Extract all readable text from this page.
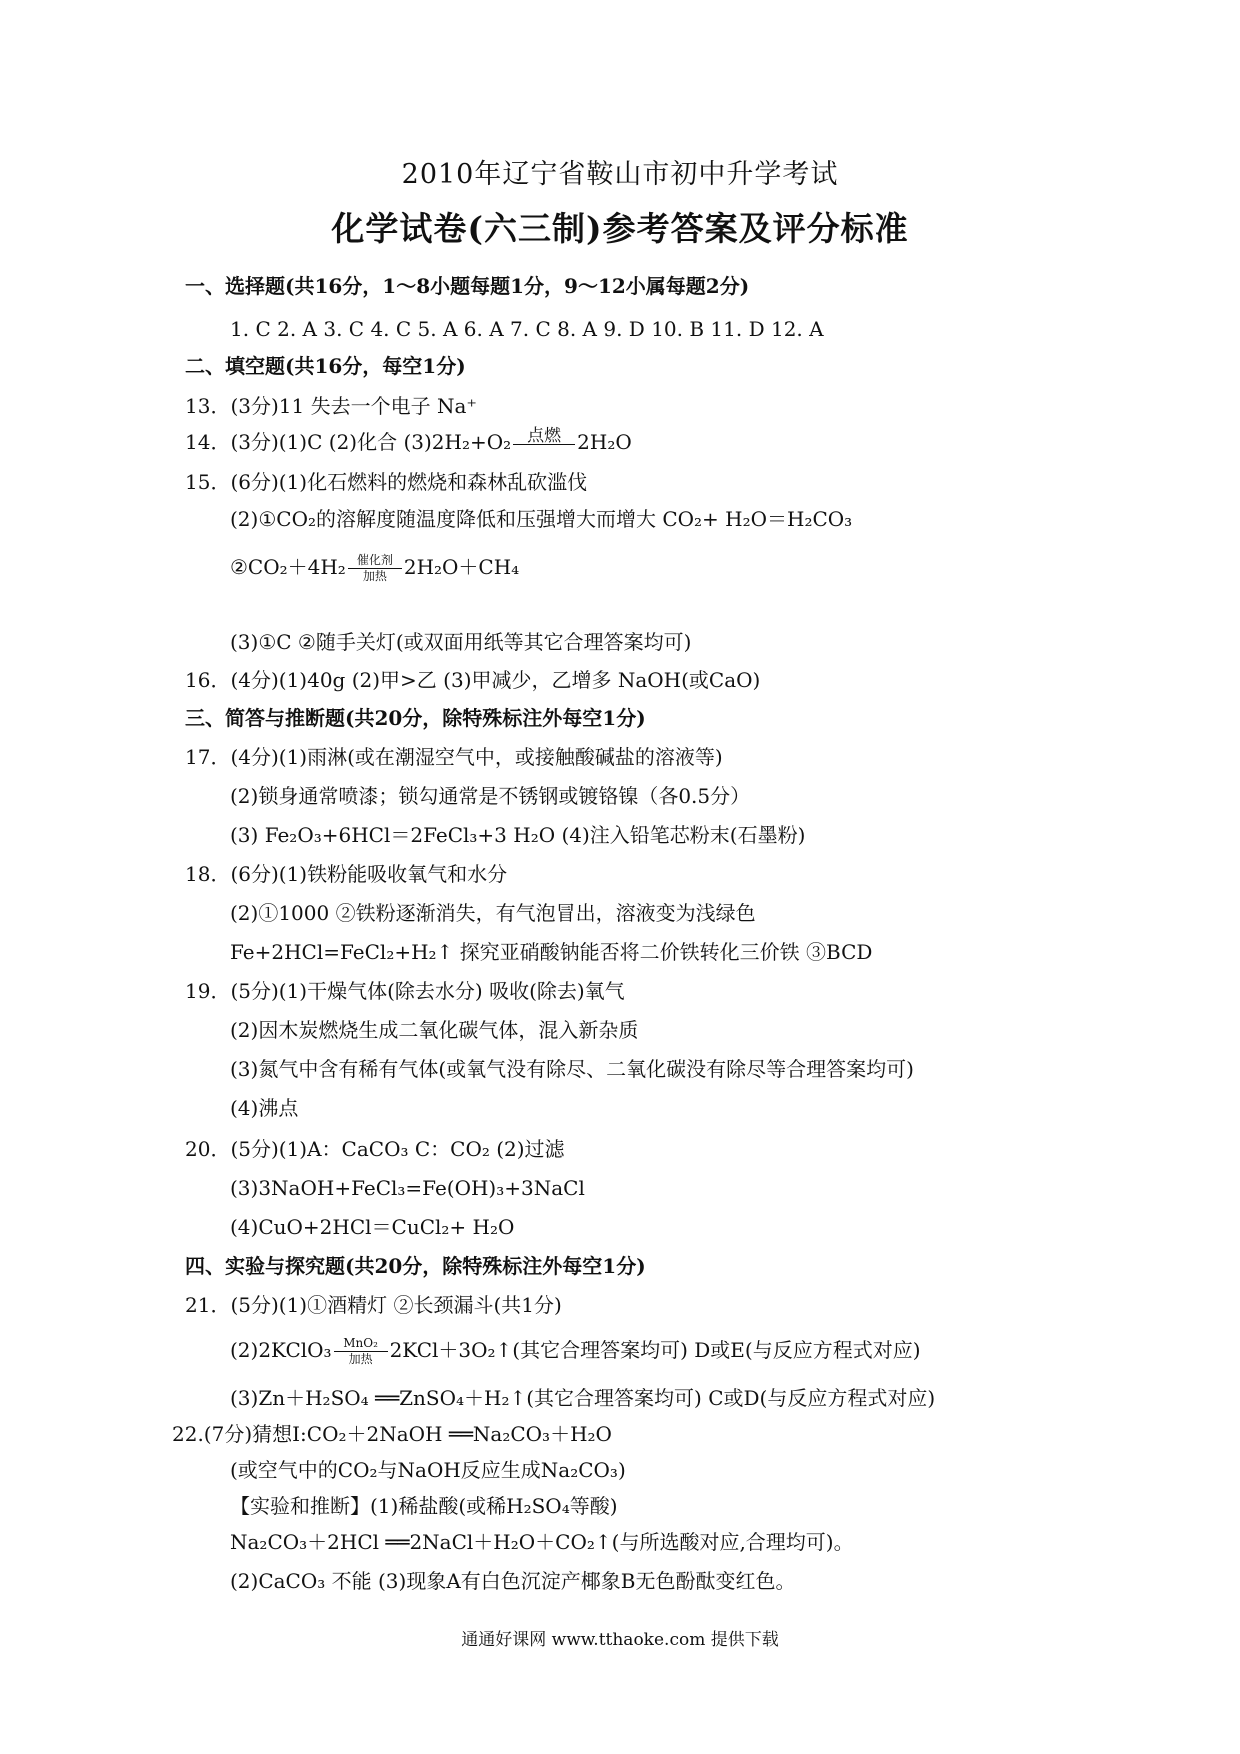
2010年辽宁省鞍山市初中升学考试
化学试卷(六三制)参考答案及评分标准
一、选择题(共16分，1～8小题每题1分，9～12小属每题2分)
1. C 2. A 3. C 4. C 5. A 6. A 7. C 8. A 9. D 10. B 11. D 12. A
二、填空题(共16分，每空1分)
13．(3分)11 失去一个电子 Na⁺
14．(3分)(1)C (2)化合 (3)2H₂+O₂ 点燃 2H₂O
15．(6分)(1)化石燃料的燃烧和森林乱砍滥伐
(2)①CO₂的溶解度随温度降低和压强增大而增大 CO₂+ H₂O＝H₂CO₃
②CO₂＋4H₂ $\frac{\text{催化剂}}{\text{加热}} 2H_2O+CH_4$
(3)①C ②随手关灯(或双面用纸等其它合理答案均可)
16．(4分)(1)40g (2)甲>乙 (3)甲减少，乙增多 NaOH(或CaO)
三、简答与推断题(共20分，除特殊标注外每空1分)
17．(4分)(1)雨淋(或在潮湿空气中，或接触酸碱盐的溶液等)
(2)锁身通常喷漆；锁勾通常是不锈钢或镀铬镍（各0.5分）
(3) Fe₂O₃+6HCl＝2FeCl₃+3 H₂O (4)注入铅笔芯粉末(石墨粉)
18．(6分)(1)铁粉能吸收氧气和水分
(2)①1000 ②铁粉逐渐消失，有气泡冒出，溶液变为浅绿色
Fe+2HCl=FeCl₂+H₂↑ 探究亚硝酸钠能否将二价铁转化三价铁 ③BCD
19．(5分)(1)干燥气体(除去水分) 吸收(除去)氧气
(2)因木炭燃烧生成二氧化碳气体，混入新杂质
(3)氮气中含有稀有气体(或氧气没有除尽、二氧化碳没有除尽等合理答案均可)
(4)沸点
20．(5分)(1)A：CaCO₃ C：CO₂ (2)过滤
(3)3NaOH+FeCl₃=Fe(OH)₃+3NaCl
(4)CuO+2HCl＝CuCl₂+ H₂O
四、实验与探究题(共20分，除特殊标注外每空1分)
21．(5分)(1)①酒精灯 ②长颈漏斗(共1分)
(2)2KClO₃ $\frac{\text{MnO₂}}{\text{加热}}$ 2KCl＋3O₂↑(其它合理答案均可) D或E(与反应方程式对应)
(3)Zn＋H₂SO₄ ══ZnSO₄＋H₂↑(其它合理答案均可) C或D(与反应方程式对应)
22.(7分)猜想Ⅰ:CO₂＋2NaOH ══Na₂CO₃＋H₂O
(或空气中的CO₂与NaOH反应生成Na₂CO₃)
【实验和推断】(1)稀盐酸(或稀H₂SO₄等酸)
Na₂CO₃＋2HCl ══2NaCl＋H₂O＋CO₂↑(与所选酸对应,合理均可)。
(2)CaCO₃ 不能 (3)现象A有白色沉淀产椰象B无色酚酞变红色。
通通好课网 www.tthaoke.com 提供下载
